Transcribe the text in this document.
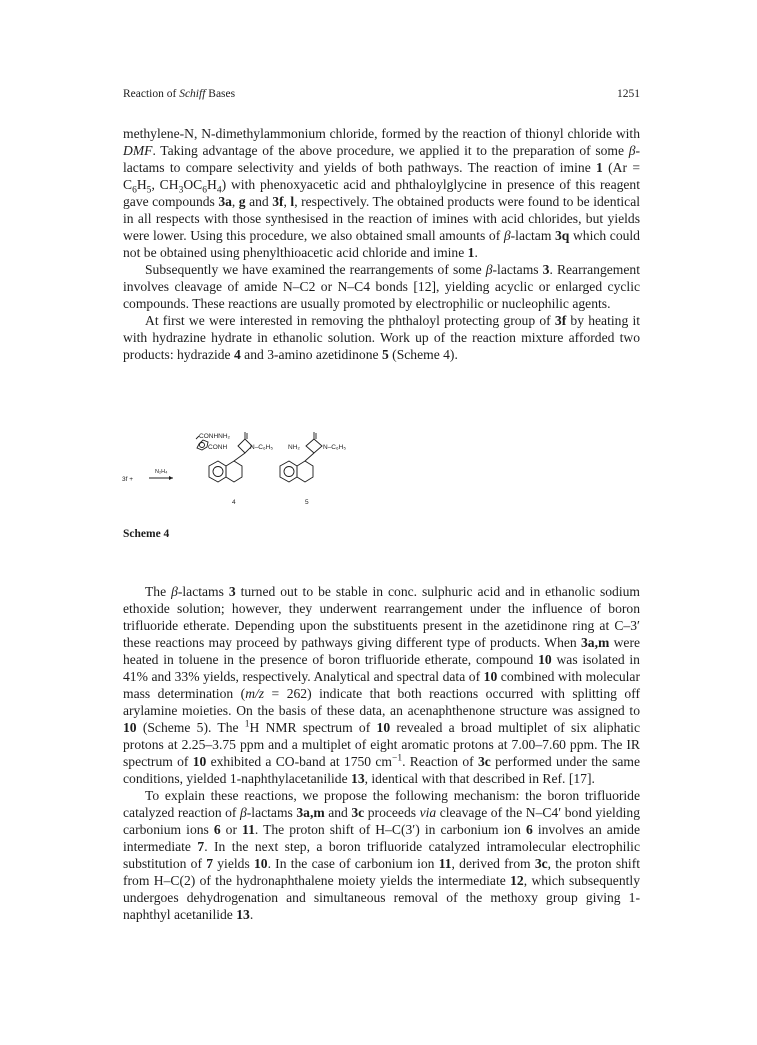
Reaction of Schiff Bases	1251

methylene-N, N-dimethylammonium chloride, formed by the reaction of thionyl chloride with DMF. Taking advantage of the above procedure, we applied it to the preparation of some β-lactams to compare selectivity and yields of both pathways. The reaction of imine 1 ($Ar = C_6H_5$, $CH_3OC_6H_4$) with phenoxyacetic acid and phthaloylglycine in presence of this reagent gave compounds 3a, g and 3f, l, respectively. The obtained products were found to be identical in all respects with those synthesised in the reaction of imines with acid chlorides, but yields were lower. Using this procedure, we also obtained small amounts of β-lactam 3q which could not be obtained using phenylthioacetic acid chloride and imine 1.

Subsequently we have examined the rearrangements of some β-lactams 3. Rearrangement involves cleavage of amide N–C2 or N–C4 bonds [12], yielding acyclic or enlarged cyclic compounds. These reactions are usually promoted by electrophilic or nucleophilic agents.

At first we were interested in removing the phthaloyl protecting group of 3f by heating it with hydrazine hydrate in ethanolic solution. Work up of the reaction mixture afforded two products: hydrazide 4 and 3-amino azetidinone 5 (Scheme 4).

3f +
N₂H₄
CONHNH₂
CONH	N–C₆H₅
4
NH₂	N–C₆H₅
5
Scheme 4

The β-lactams 3 turned out to be stable in conc. sulphuric acid and in ethanolic sodium ethoxide solution; however, they underwent rearrangement under the influence of boron trifluoride etherate. Depending upon the substituents present in the azetidinone ring at C–3′ these reactions may proceed by pathways giving different type of products. When 3a,m were heated in toluene in the presence of boron trifluoride etherate, compound 10 was isolated in 41% and 33% yields, respectively. Analytical and spectral data of 10 combined with molecular mass determination (m/z = 262) indicate that both reactions occurred with splitting off arylamine moieties. On the basis of these data, an acenaphthenone structure was assigned to 10 (Scheme 5). The $^1$H NMR spectrum of 10 revealed a broad multiplet of six aliphatic protons at 2.25–3.75 ppm and a multiplet of eight aromatic protons at 7.00–7.60 ppm. The IR spectrum of 10 exhibited a CO-band at 1750 $cm^{-1}$. Reaction of 3c performed under the same conditions, yielded 1-naphthylacetanilide 13, identical with that described in Ref. [17].

To explain these reactions, we propose the following mechanism: the boron trifluoride catalyzed reaction of β-lactams 3a,m and 3c proceeds via cleavage of the N–C4′ bond yielding carbonium ions 6 or 11. The proton shift of H–C(3′) in carbonium ion 6 involves an amide intermediate 7. In the next step, a boron trifluoride catalyzed intramolecular electrophilic substitution of 7 yields 10. In the case of carbonium ion 11, derived from 3c, the proton shift from H–C(2) of the hydronaphthalene moiety yields the intermediate 12, which subsequently undergoes dehydrogenation and simultaneous removal of the methoxy group giving 1-naphthyl acetanilide 13.
